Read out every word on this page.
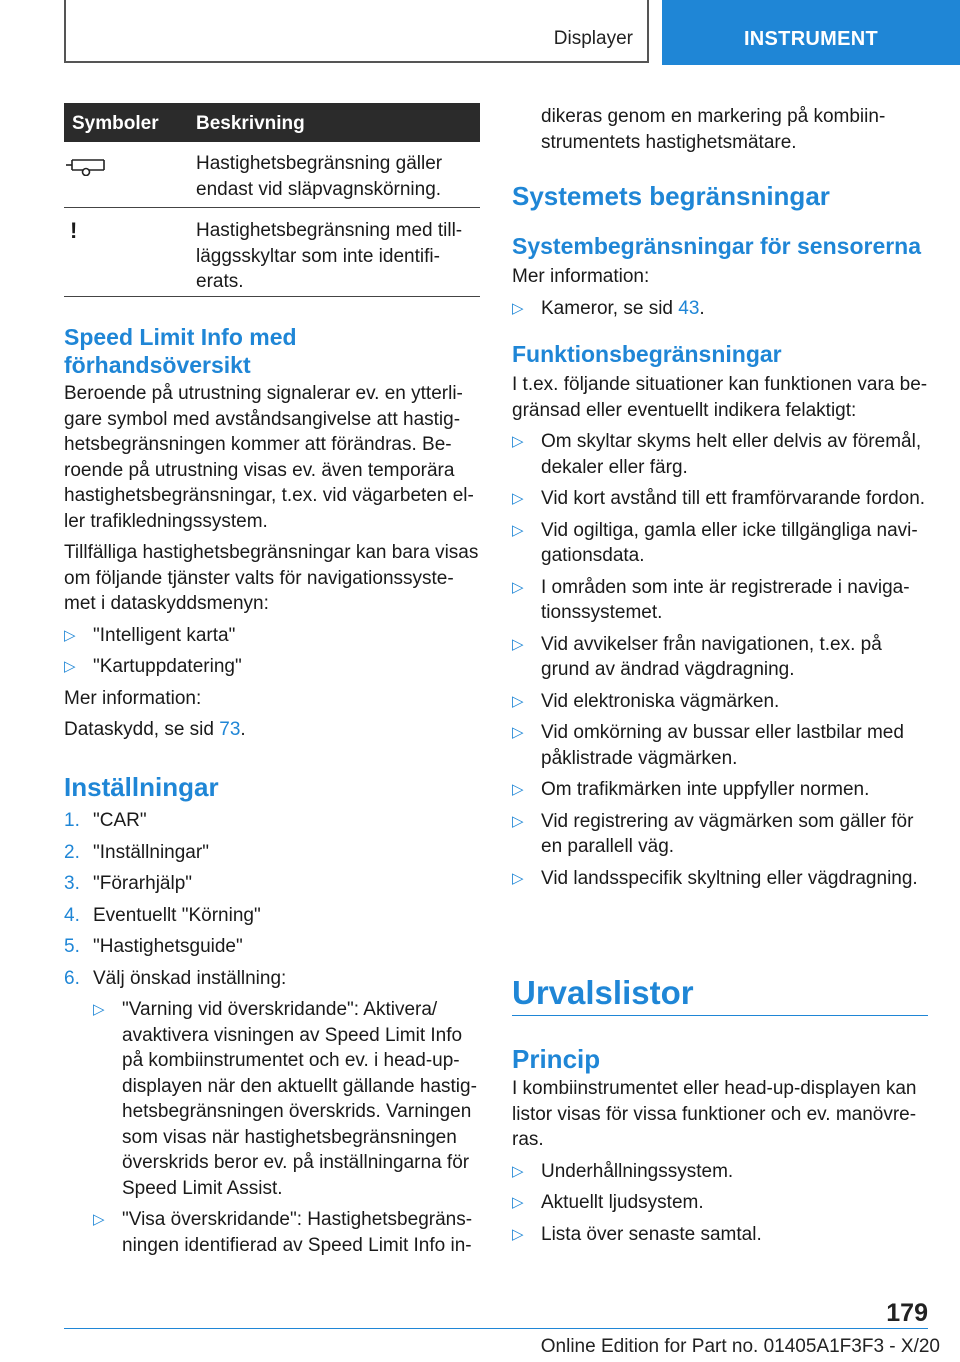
Displayer	INSTRUMENT
Symboler Beskrivning
Hastighetsbegränsning gäller endast vid släpvagnskörning.
!	Hastighetsbegränsning med till-läggsskyltar som inte identifi-erats.
Speed Limit Info med förhandsöversikt

Beroende på utrustning signalerar ev. en ytterli-gare symbol med avståndsangivelse att hastig-hetsbegränsningen kommer att förändras. Be-roende på utrustning visas ev. även temporära hastighetsbegränsningar, t.ex. vid vägarbeten el-ler trafikledningssystem.

Tillfälliga hastighetsbegränsningar kan bara visas om följande tjänster valts för navigationssyste-met i dataskyddsmenyn:

▷ "Intelligent karta"
▷ "Kartuppdatering"

Mer information:

Dataskydd, se sid 73.

Inställningar
1. "CAR"
2. "Inställningar"
3. "Förarhjälp"
4. Eventuellt "Körning"
5. "Hastighetsguide"
6. Välj önskad inställning:
▷ "Varning vid överskridande": Aktivera/ avaktivera visningen av Speed Limit Info på kombiinstrumentet och ev. i head-up-displayen när den aktuellt gällande hastig-hetsbegränsningen överskrids. Varningen som visas när hastighetsbegränsningen överskrids beror ev. på inställningarna för Speed Limit Assist.
▷ "Visa överskridande": Hastighetsbegräns-ningen identifierad av Speed Limit Info in-

dikeras genom en markering på kombiin-strumentets hastighetsmätare.

Systemets begränsningar
Systembegränsningar för sensorerna

Mer information:

▷ Kameror, se sid 43.
Funktionsbegränsningar

I t.ex. följande situationer kan funktionen vara be-gränsad eller eventuellt indikera felaktigt:

▷ Om skyltar skyms helt eller delvis av föremål, dekaler eller färg.
▷ Vid kort avstånd till ett framförvarande fordon.
▷ Vid ogiltiga, gamla eller icke tillgängliga navi-gationsdata.
▷ I områden som inte är registrerade i naviga-tionssystemet.
▷ Vid avvikelser från navigationen, t.ex. på grund av ändrad vägdragning.
▷ Vid elektroniska vägmärken.
▷ Vid omkörning av bussar eller lastbilar med påklistrade vägmärken.
▷ Om trafikmärken inte uppfyller normen.
▷ Vid registrering av vägmärken som gäller för en parallell väg.
▷ Vid landsspecifik skyltning eller vägdragning.
Urvalslistor
Princip

I kombiinstrumentet eller head-up-displayen kan listor visas för vissa funktioner och ev. manövre-ras.

▷ Underhållningssystem.
▷ Aktuellt ljudsystem.
▷ Lista över senaste samtal.
179
Online Edition for Part no. 01405A1F3F3 - X/20
